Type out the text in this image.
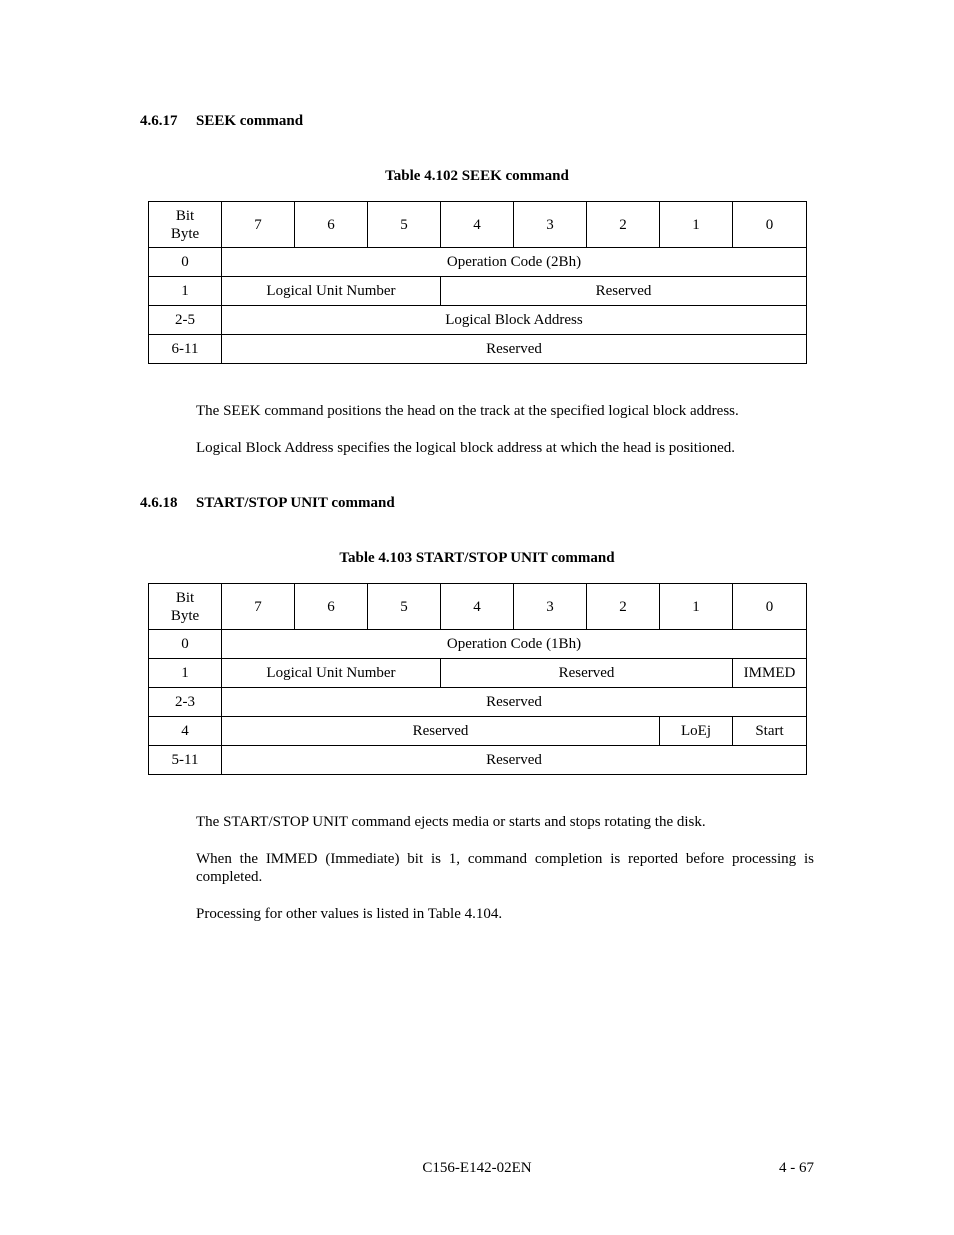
4.6.17 SEEK command
Table 4.102 SEEK command
Bit
Byte	7	6	5	4	3	2	1	0
0	Operation Code (2Bh)							
1	Logical Unit Number			Reserved				
2-5	Logical Block Address							
6-11	Reserved							
The SEEK command positions the head on the track at the specified logical block address.
Logical Block Address specifies the logical block address at which the head is positioned.
4.6.18 START/STOP UNIT command
Table 4.103 START/STOP UNIT command
Bit
Byte	7	6	5	4	3	2	1	0
0	Operation Code (1Bh)							
1	Logical Unit Number			Reserved				IMMED
2-3	Reserved							
4	Reserved						LoEj	Start
5-11	Reserved							
The START/STOP UNIT command ejects media or starts and stops rotating the disk.
When the IMMED (Immediate) bit is 1, command completion is reported before processing is completed.
Processing for other values is listed in Table 4.104.
C156-E142-02EN	4 - 67
